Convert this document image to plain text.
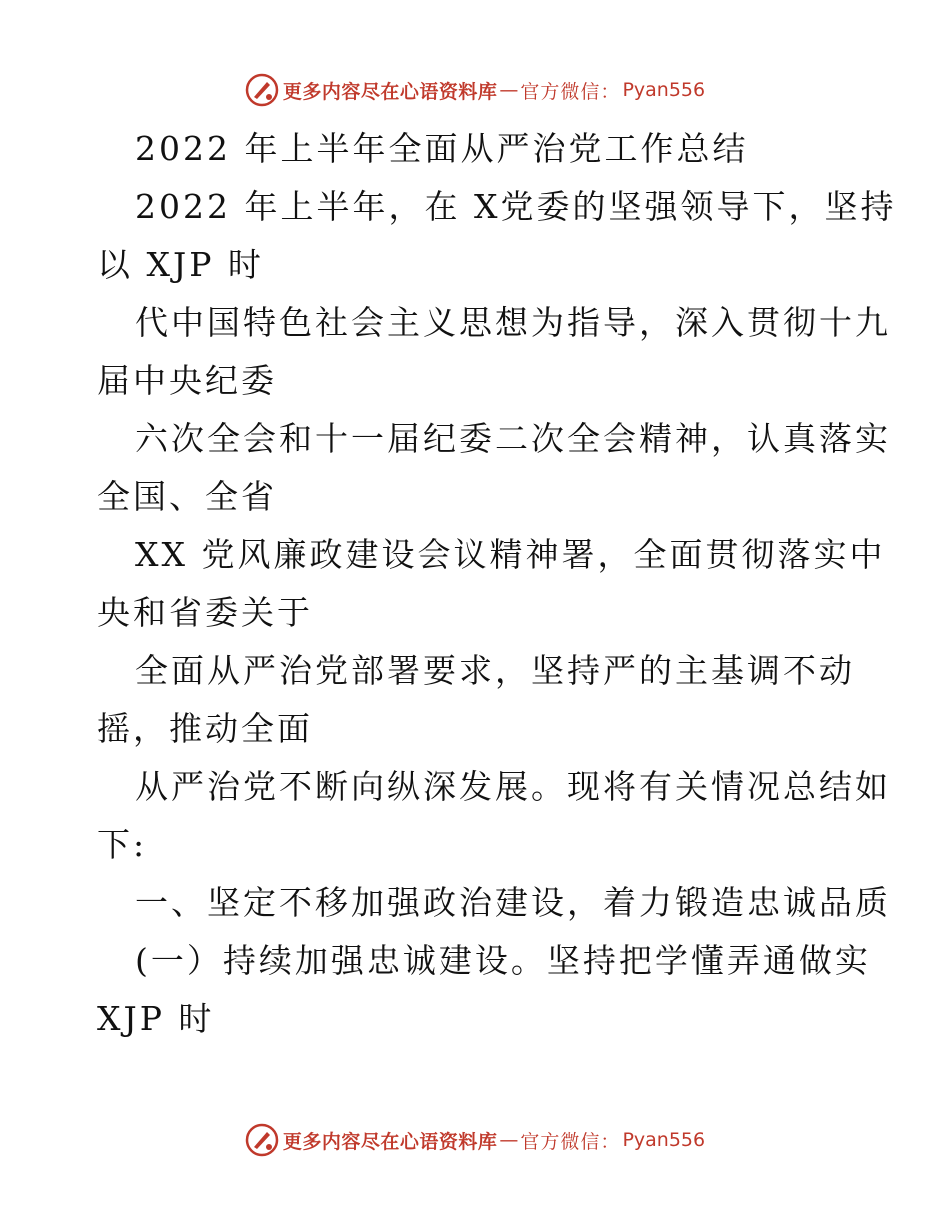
更多内容尽在心语资料库 — 官方微信： Pyan556
2022 年上半年全面从严治党工作总结
2022 年上半年，在 X党委的坚强领导下，坚持
以 XJP 时
代中国特色社会主义思想为指导，深入贯彻十九
届中央纪委
六次全会和十一届纪委二次全会精神，认真落实
全国、全省
XX 党风廉政建设会议精神署，全面贯彻落实中
央和省委关于
全面从严治党部署要求，坚持严的主基调不动
摇，推动全面
从严治党不断向纵深发展。现将有关情况总结如
下:
一、坚定不移加强政治建设，着力锻造忠诚品质
(一）持续加强忠诚建设。坚持把学懂弄通做实
XJP 时
更多内容尽在心语资料库 — 官方微信： Pyan556
